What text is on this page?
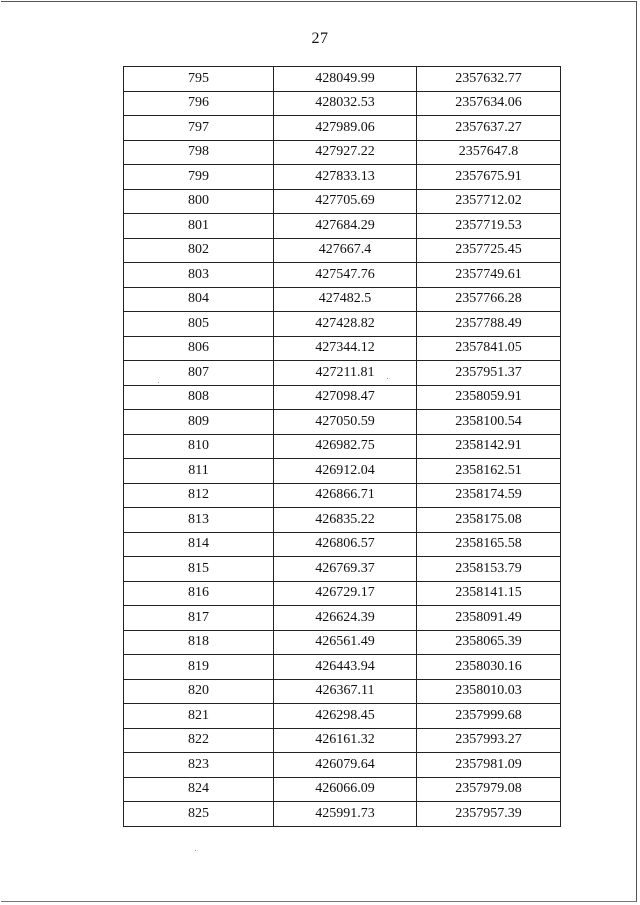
27
795	428049.99	2357632.77
796	428032.53	2357634.06
797	427989.06	2357637.27
798	427927.22	2357647.8
799	427833.13	2357675.91
800	427705.69	2357712.02
801	427684.29	2357719.53
802	427667.4	2357725.45
803	427547.76	2357749.61
804	427482.5	2357766.28
805	427428.82	2357788.49
806	427344.12	2357841.05
807	427211.81	2357951.37
808	427098.47	2358059.91
809	427050.59	2358100.54
810	426982.75	2358142.91
811	426912.04	2358162.51
812	426866.71	2358174.59
813	426835.22	2358175.08
814	426806.57	2358165.58
815	426769.37	2358153.79
816	426729.17	2358141.15
817	426624.39	2358091.49
818	426561.49	2358065.39
819	426443.94	2358030.16
820	426367.11	2358010.03
821	426298.45	2357999.68
822	426161.32	2357993.27
823	426079.64	2357981.09
824	426066.09	2357979.08
825	425991.73	2357957.39
